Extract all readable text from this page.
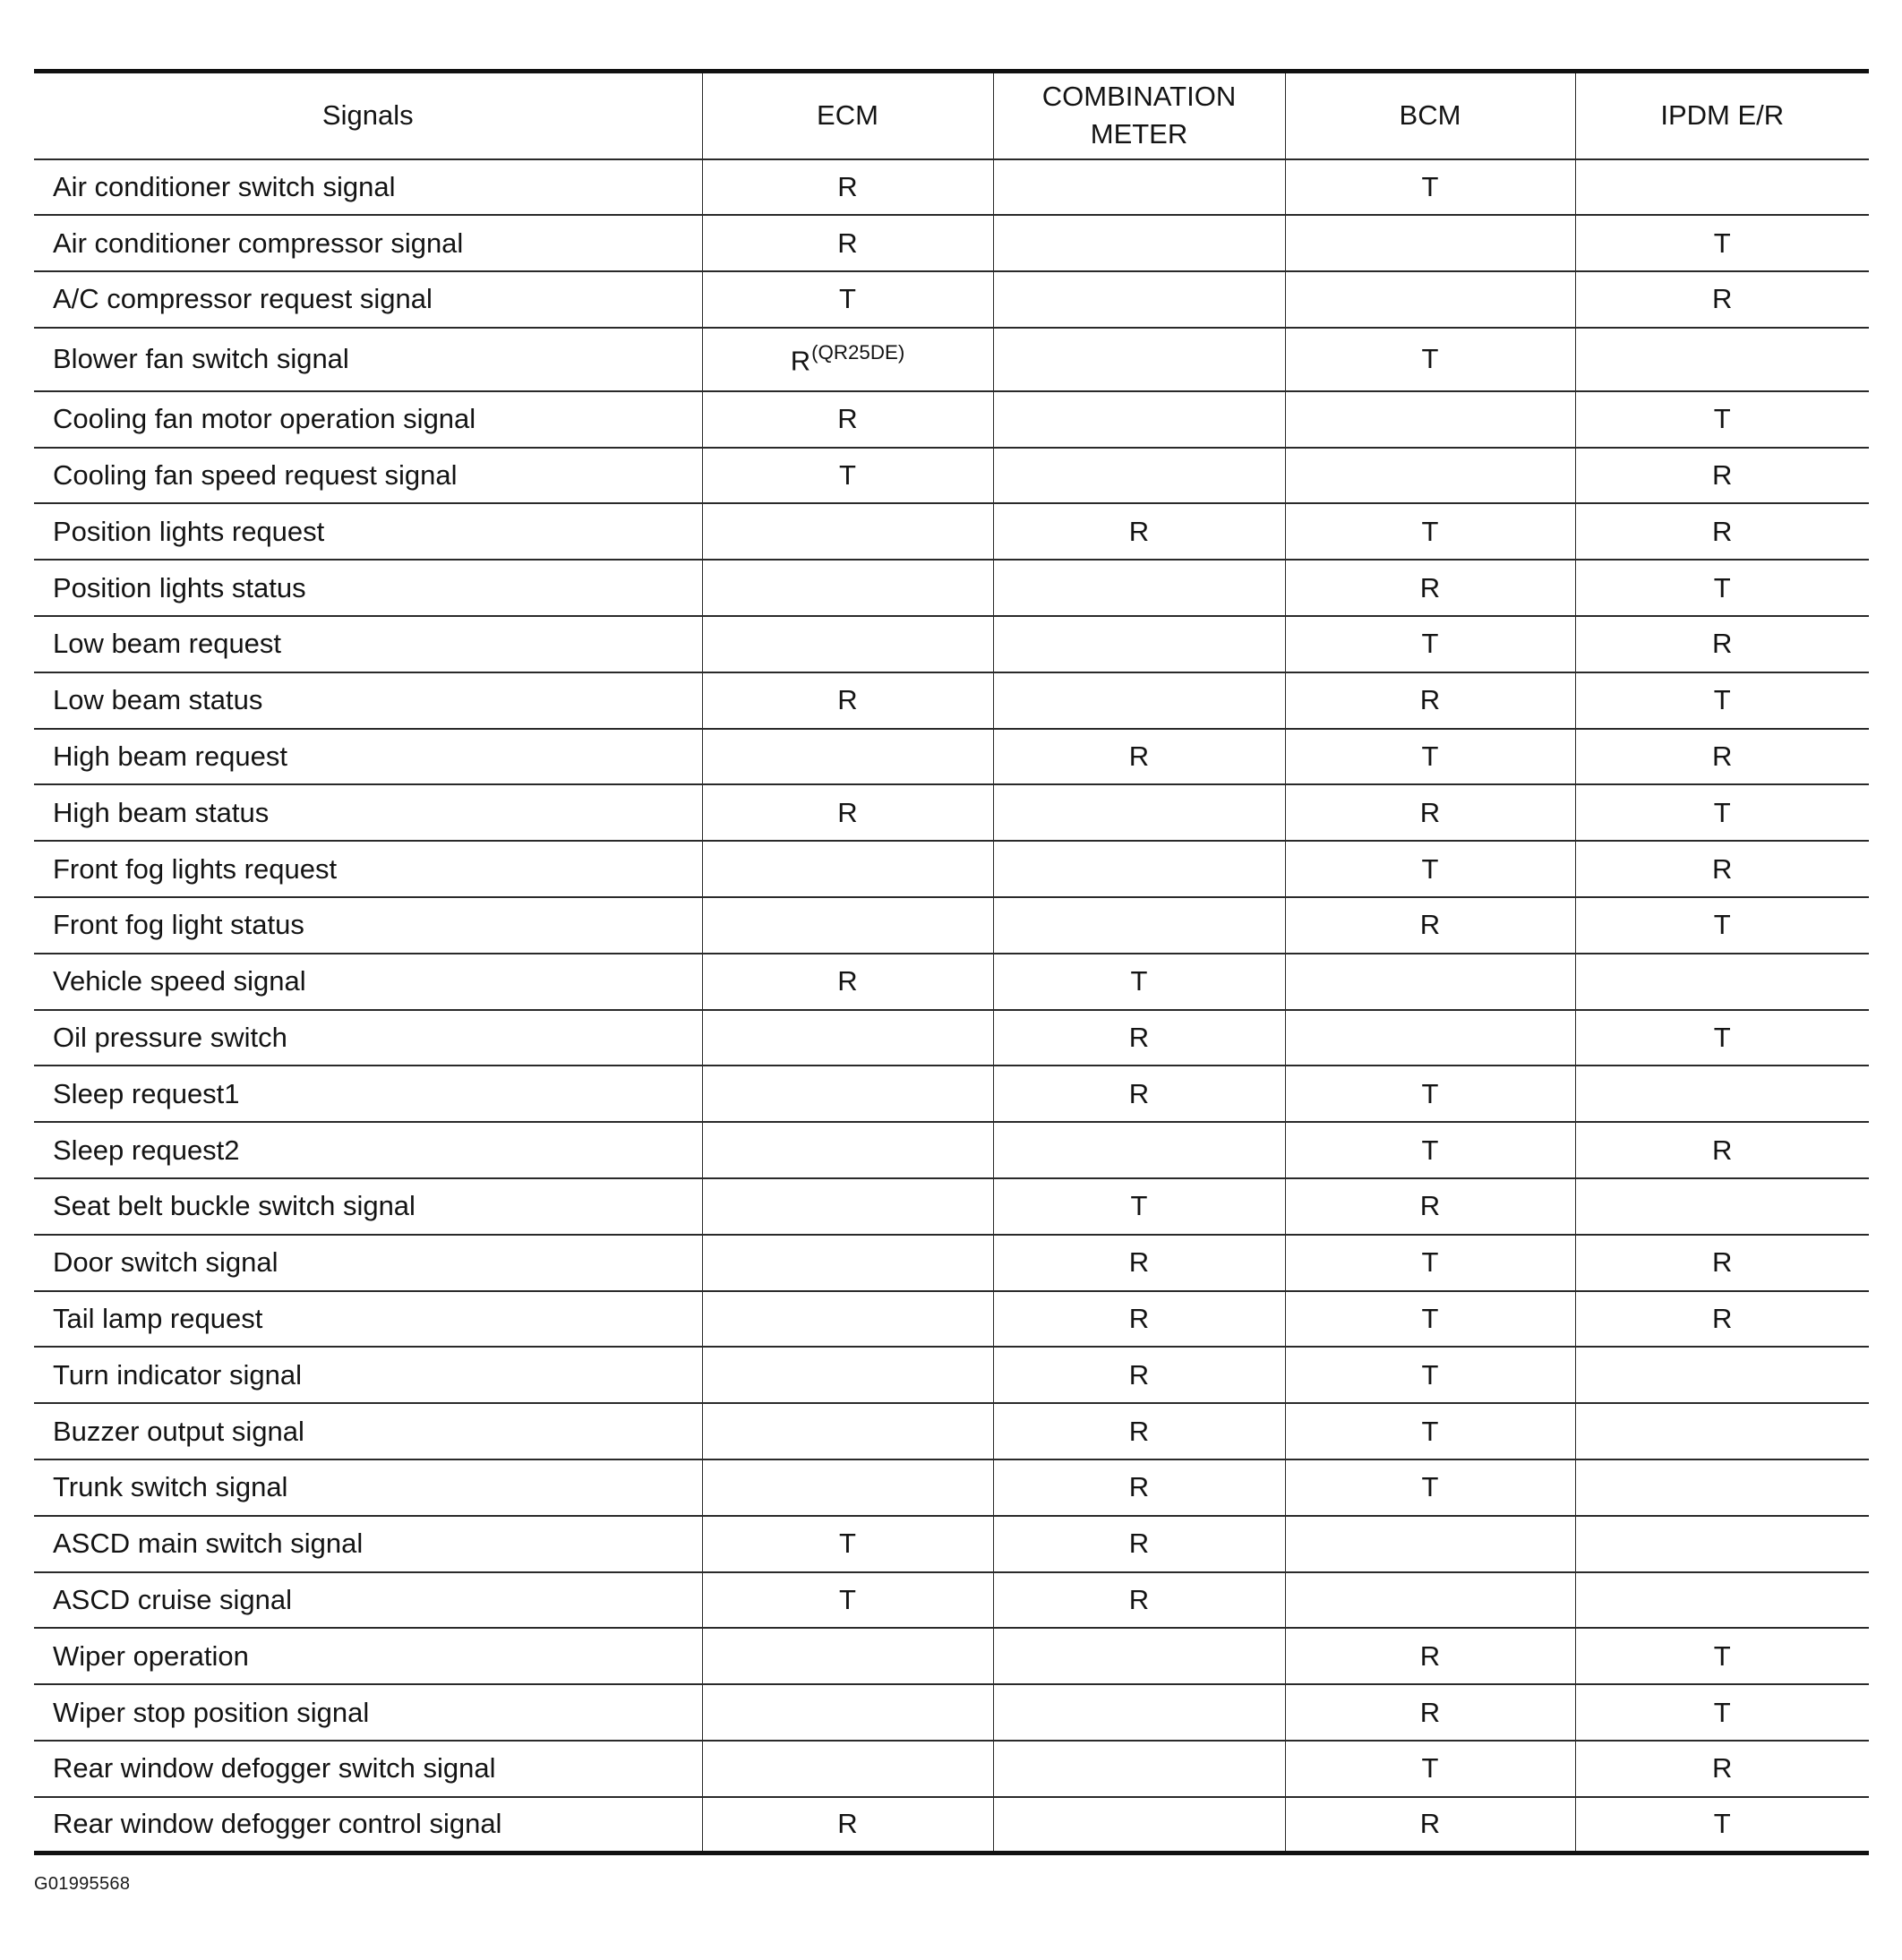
Signals	ECM	COMBINATION METER	BCM	IPDM E/R
Air conditioner switch signal	R		T	
Air conditioner compressor signal	R			T
A/C compressor request signal	T			R
Blower fan switch signal	$R^{(QR25DE)}$		T	
Cooling fan motor operation signal	R			T
Cooling fan speed request signal	T			R
Position lights request		R	T	R
Position lights status			R	T
Low beam request			T	R
Low beam status	R		R	T
High beam request		R	T	R
High beam status	R		R	T
Front fog lights request			T	R
Front fog light status			R	T
Vehicle speed signal	R	T		
Oil pressure switch		R		T
Sleep request1		R	T	
Sleep request2			T	R
Seat belt buckle switch signal		T	R	
Door switch signal		R	T	R
Tail lamp request		R	T	R
Turn indicator signal		R	T	
Buzzer output signal		R	T	
Trunk switch signal		R	T	
ASCD main switch signal	T	R		
ASCD cruise signal	T	R		
Wiper operation			R	T
Wiper stop position signal			R	T
Rear window defogger switch signal			T	R
Rear window defogger control signal	R		R	T
G01995568
